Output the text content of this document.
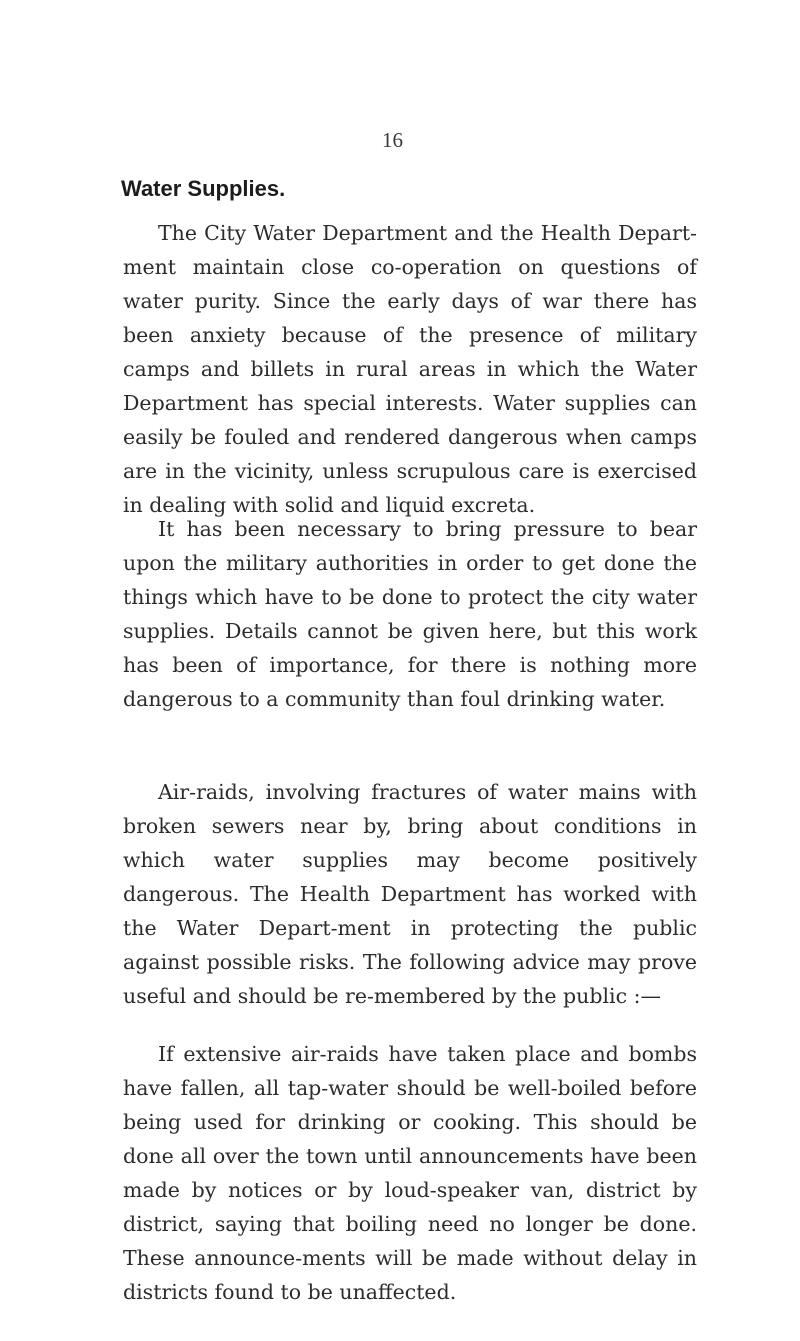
16
Water Supplies.

The City Water Department and the Health Depart-ment maintain close co-operation on questions of water purity. Since the early days of war there has been anxiety because of the presence of military camps and billets in rural areas in which the Water Department has special interests. Water supplies can easily be fouled and rendered dangerous when camps are in the vicinity, unless scrupulous care is exercised in dealing with solid and liquid excreta.

It has been necessary to bring pressure to bear upon the military authorities in order to get done the things which have to be done to protect the city water supplies. Details cannot be given here, but this work has been of importance, for there is nothing more dangerous to a community than foul drinking water.

Air-raids, involving fractures of water mains with broken sewers near by, bring about conditions in which water supplies may become positively dangerous. The Health Department has worked with the Water Depart-ment in protecting the public against possible risks. The following advice may prove useful and should be re-membered by the public :—

If extensive air-raids have taken place and bombs have fallen, all tap-water should be well-boiled before being used for drinking or cooking. This should be done all over the town until announcements have been made by notices or by loud-speaker van, district by district, saying that boiling need no longer be done. These announce-ments will be made without delay in districts found to be unaffected.
